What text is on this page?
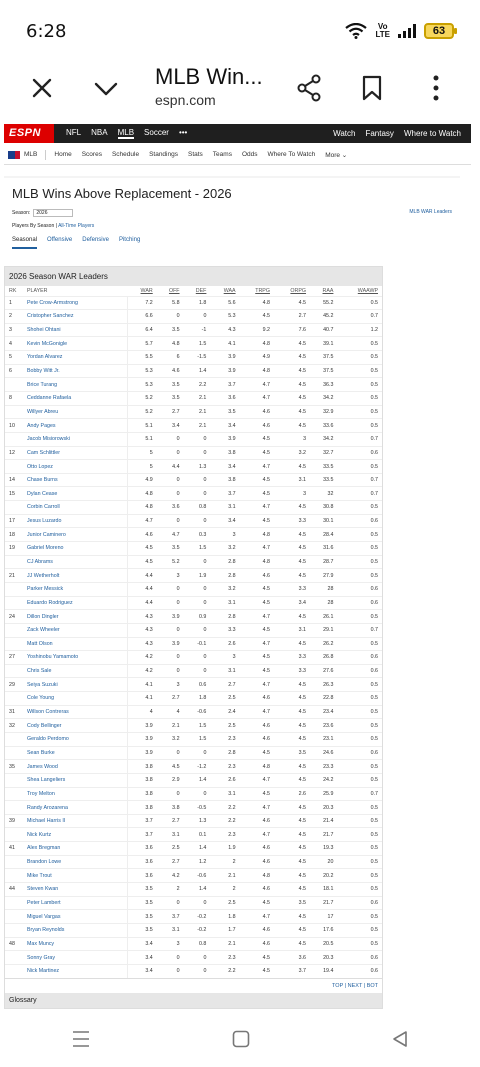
6:28	Vo
LTE	63
MLB Win...
espn.com
ESPN	NFL NBA MLB Soccer •••	Watch Fantasy Where to Watch
MLB	Home Scores Schedule Standings Stats Teams Odds Where To Watch More ⌄
MLB Wins Above Replacement - 2026
Season:	2026	MLB WAR Leaders
Players By Season | All-Time Players
Seasonal Offensive Defensive Pitching
2026 Season WAR Leaders
RK	PLAYER	WAR	OFF	DEF	WAA	TRPG	ORPG	RAA	WAAWP
1	Pete Crow-Armstrong	7.2	5.8	1.8	5.6	4.8	4.5	55.2	0.5
2	Cristopher Sanchez	6.6	0	0	5.3	4.5	2.7	45.2	0.7
3	Shohei Ohtani	6.4	3.5	-1	4.3	9.2	7.6	40.7	1.2
4	Kevin McGonigle	5.7	4.8	1.5	4.1	4.8	4.5	39.1	0.5
5	Yordan Alvarez	5.5	6	-1.5	3.9	4.9	4.5	37.5	0.5
6	Bobby Witt Jr.	5.3	4.6	1.4	3.9	4.8	4.5	37.5	0.5
	Brice Turang	5.3	3.5	2.2	3.7	4.7	4.5	36.3	0.5
8	Ceddanne Rafaela	5.2	3.5	2.1	3.6	4.7	4.5	34.2	0.5
	Willyer Abreu	5.2	2.7	2.1	3.5	4.6	4.5	32.9	0.5
10	Andy Pages	5.1	3.4	2.1	3.4	4.6	4.5	33.6	0.5
	Jacob Misiorowski	5.1	0	0	3.9	4.5	3	34.2	0.7
12	Cam Schlittler	5	0	0	3.8	4.5	3.2	32.7	0.6
	Otto Lopez	5	4.4	1.3	3.4	4.7	4.5	33.5	0.5
14	Chase Burns	4.9	0	0	3.8	4.5	3.1	33.5	0.7
15	Dylan Cease	4.8	0	0	3.7	4.5	3	32	0.7
	Corbin Carroll	4.8	3.6	0.8	3.1	4.7	4.5	30.8	0.5
17	Jesus Luzardo	4.7	0	0	3.4	4.5	3.3	30.1	0.6
18	Junior Caminero	4.6	4.7	0.3	3	4.8	4.5	28.4	0.5
19	Gabriel Moreno	4.5	3.5	1.5	3.2	4.7	4.5	31.6	0.5
	CJ Abrams	4.5	5.2	0	2.8	4.8	4.5	28.7	0.5
21	JJ Wetherholt	4.4	3	1.9	2.8	4.6	4.5	27.9	0.5
	Parker Messick	4.4	0	0	3.2	4.5	3.3	28	0.6
	Eduardo Rodriguez	4.4	0	0	3.1	4.5	3.4	28	0.6
24	Dillon Dingler	4.3	3.9	0.9	2.8	4.7	4.5	26.1	0.5
	Zack Wheeler	4.3	0	0	3.3	4.5	3.1	29.1	0.7
	Matt Olson	4.3	3.9	-0.1	2.6	4.7	4.5	26.2	0.5
27	Yoshinobu Yamamoto	4.2	0	0	3	4.5	3.3	26.8	0.6
	Chris Sale	4.2	0	0	3.1	4.5	3.3	27.6	0.6
29	Seiya Suzuki	4.1	3	0.6	2.7	4.7	4.5	26.3	0.5
	Cole Young	4.1	2.7	1.8	2.5	4.6	4.5	22.8	0.5
31	Willson Contreras	4	4	-0.6	2.4	4.7	4.5	23.4	0.5
32	Cody Bellinger	3.9	2.1	1.5	2.5	4.6	4.5	23.6	0.5
	Geraldo Perdomo	3.9	3.2	1.5	2.3	4.6	4.5	23.1	0.5
	Sean Burke	3.9	0	0	2.8	4.5	3.5	24.6	0.6
35	James Wood	3.8	4.5	-1.2	2.3	4.8	4.5	23.3	0.5
	Shea Langeliers	3.8	2.9	1.4	2.6	4.7	4.5	24.2	0.5
	Troy Melton	3.8	0	0	3.1	4.5	2.6	25.9	0.7
	Randy Arozarena	3.8	3.8	-0.5	2.2	4.7	4.5	20.3	0.5
39	Michael Harris II	3.7	2.7	1.3	2.2	4.6	4.5	21.4	0.5
	Nick Kurtz	3.7	3.1	0.1	2.3	4.7	4.5	21.7	0.5
41	Alex Bregman	3.6	2.5	1.4	1.9	4.6	4.5	19.3	0.5
	Brandon Lowe	3.6	2.7	1.2	2	4.6	4.5	20	0.5
	Mike Trout	3.6	4.2	-0.6	2.1	4.8	4.5	20.2	0.5
44	Steven Kwan	3.5	2	1.4	2	4.6	4.5	18.1	0.5
	Peter Lambert	3.5	0	0	2.5	4.5	3.5	21.7	0.6
	Miguel Vargas	3.5	3.7	-0.2	1.8	4.7	4.5	17	0.5
	Bryan Reynolds	3.5	3.1	-0.2	1.7	4.6	4.5	17.6	0.5
48	Max Muncy	3.4	3	0.8	2.1	4.6	4.5	20.5	0.5
	Sonny Gray	3.4	0	0	2.3	4.5	3.6	20.3	0.6
	Nick Martinez	3.4	0	0	2.2	4.5	3.7	19.4	0.6
TOP | NEXT | BOT
Glossary
